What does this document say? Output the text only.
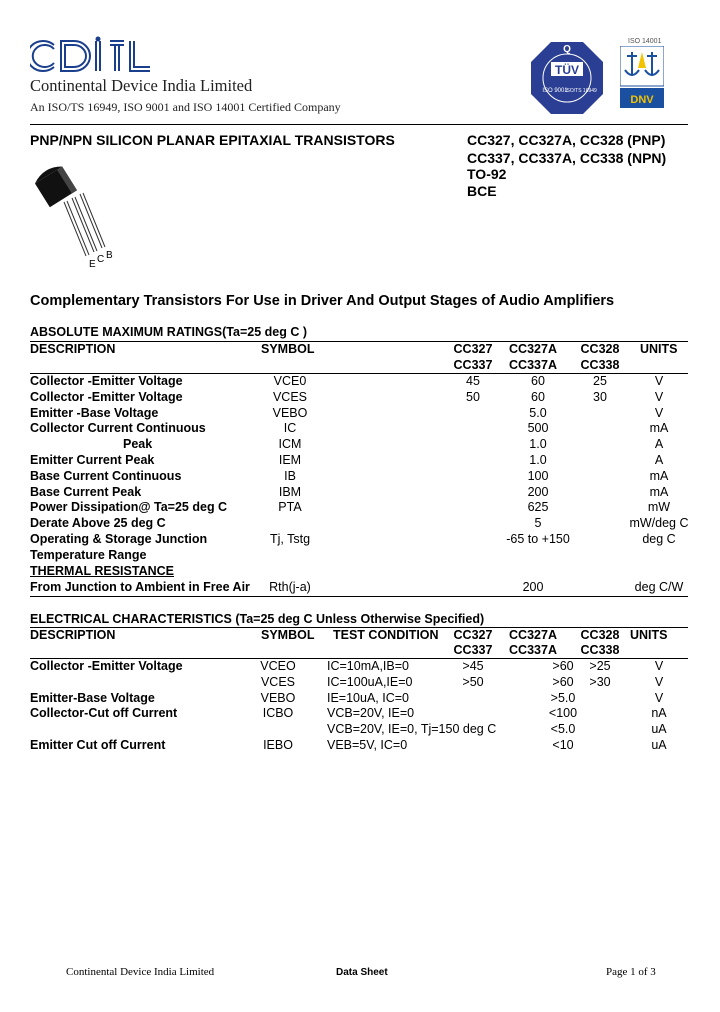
Continental Device India Limited
An ISO/TS 16949, ISO 9001 and ISO 14001 Certified Company
Q
TÜV
ISO 9001
ISO/TS 16949
ISO 14001
DNV
PNP/NPN SILICON PLANAR EPITAXIAL TRANSISTORS	CC327, CC327A, CC328 (PNP)
CC337, CC337A, CC338 (NPN)
TO-92
BCE
E C B
Complementary Transistors For Use in Driver And Output Stages of Audio Amplifiers
ABSOLUTE MAXIMUM RATINGS(Ta=25 deg C )
DESCRIPTION	SYMBOL	CC327	CC327A	CC328	UNITS
CC337	CC337A	CC338
Collector -Emitter Voltage	VCE0	45	60	25	V
Collector -Emitter Voltage	VCES	50	60	30	V
Emitter -Base Voltage	VEBO	5.0	V
Collector Current Continuous	IC	500	mA
Peak	ICM	1.0	A
Emitter Current Peak	IEM	1.0	A
Base Current Continuous	IB	100	mA
Base Current Peak	IBM	200	mA
Power Dissipation@ Ta=25 deg C	PTA	625	mW
Derate Above 25 deg C	5	mW/deg C
Operating & Storage Junction	Tj, Tstg	-65 to +150	deg C
Temperature Range
THERMAL RESISTANCE
From Junction to Ambient in Free Air	Rth(j-a)	200	deg C/W
ELECTRICAL CHARACTERISTICS (Ta=25 deg C Unless Otherwise Specified)
DESCRIPTION	SYMBOL TEST CONDITION	CC327	CC327A	CC328 UNITS
CC337	CC337A	CC338
Collector -Emitter Voltage	VCEO	IC=10mA,IB=0	>45	>60	>25	V
VCES	IC=100uA,IE=0	>50	>60	>30	V
Emitter-Base Voltage	VEBO	IE=10uA, IC=0	>5.0	V
Collector-Cut off Current	ICBO	VCB=20V, IE=0	<100	nA
VCB=20V, IE=0, Tj=150 deg C	<5.0	uA
Emitter Cut off Current	IEBO	VEB=5V, IC=0	<10	uA
Continental Device India Limited	Data Sheet	Page 1 of 3
